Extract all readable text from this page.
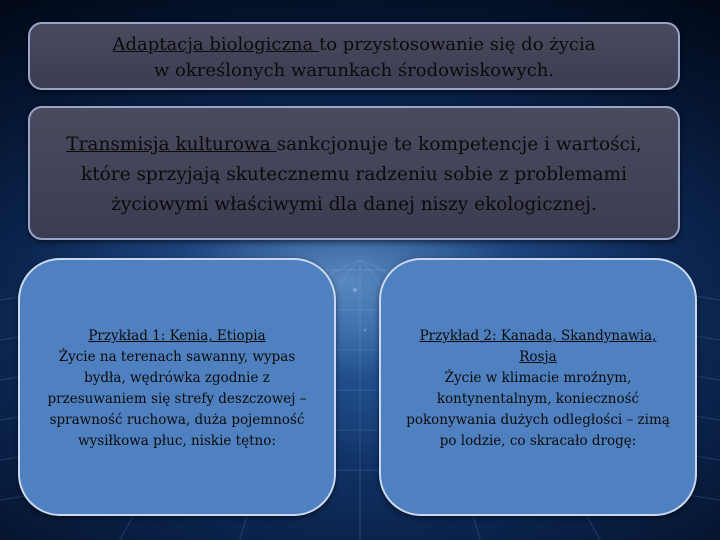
Adaptacja biologiczna to przystosowanie się do życia
w określonych warunkach środowiskowych.
Transmisja kulturowa sankcjonuje te kompetencje i wartości,
które sprzyjają skutecznemu radzeniu sobie z problemami
życiowymi właściwymi dla danej niszy ekologicznej.
Przykład 1: Kenia, Etiopia
Życie na terenach sawanny, wypas
bydła, wędrówka zgodnie z
przesuwaniem się strefy deszczowej –
sprawność ruchowa, duża pojemność
wysiłkowa płuc, niskie tętno:
Przykład 2: Kanada, Skandynawia,
Rosja
Życie w klimacie mroźnym,
kontynentalnym, konieczność
pokonywania dużych odległości – zimą
po lodzie, co skracało drogę:
